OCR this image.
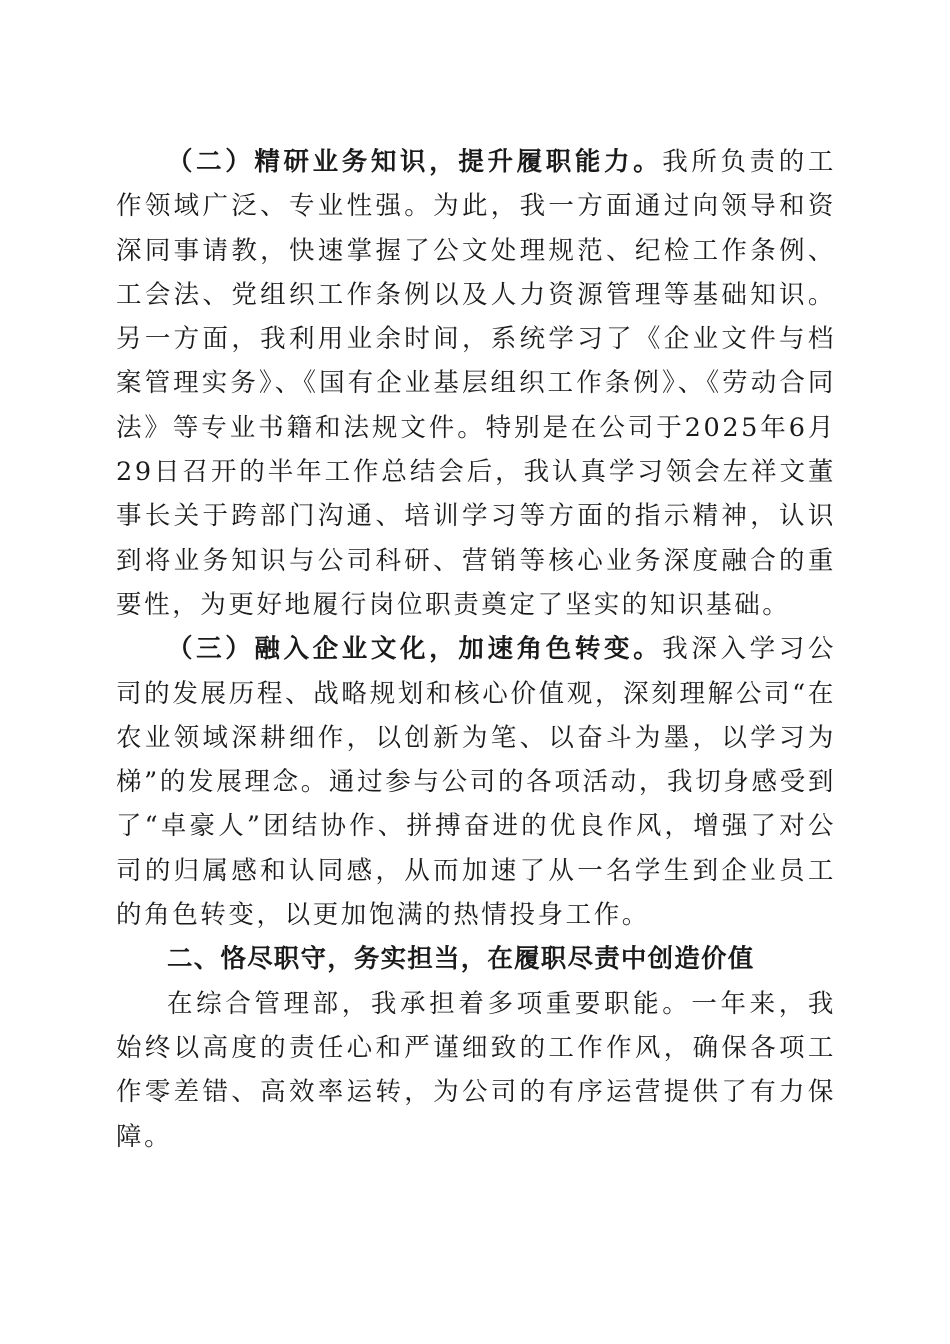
（二）精研业务知识，提升履职能力。我所负责的工作领域广泛、专业性强。为此，我一方面通过向领导和资深同事请教，快速掌握了公文处理规范、纪检工作条例、工会法、党组织工作条例以及人力资源管理等基础知识。另一方面，我利用业余时间，系统学习了《企业文件与档案管理实务》、《国有企业基层组织工作条例》、《劳动合同法》等专业书籍和法规文件。特别是在公司于2025年6月29日召开的半年工作总结会后，我认真学习领会左祥文董事长关于跨部门沟通、培训学习等方面的指示精神，认识到将业务知识与公司科研、营销等核心业务深度融合的重要性，为更好地履行岗位职责奠定了坚实的知识基础。

（三）融入企业文化，加速角色转变。我深入学习公司的发展历程、战略规划和核心价值观，深刻理解公司“在农业领域深耕细作，以创新为笔、以奋斗为墨，以学习为梯”的发展理念。通过参与公司的各项活动，我切身感受到了“卓豪人”团结协作、拼搏奋进的优良作风，增强了对公司的归属感和认同感，从而加速了从一名学生到企业员工的角色转变，以更加饱满的热情投身工作。

二、恪尽职守，务实担当，在履职尽责中创造价值

在综合管理部，我承担着多项重要职能。一年来，我始终以高度的责任心和严谨细致的工作作风，确保各项工作零差错、高效率运转，为公司的有序运营提供了有力保障。
